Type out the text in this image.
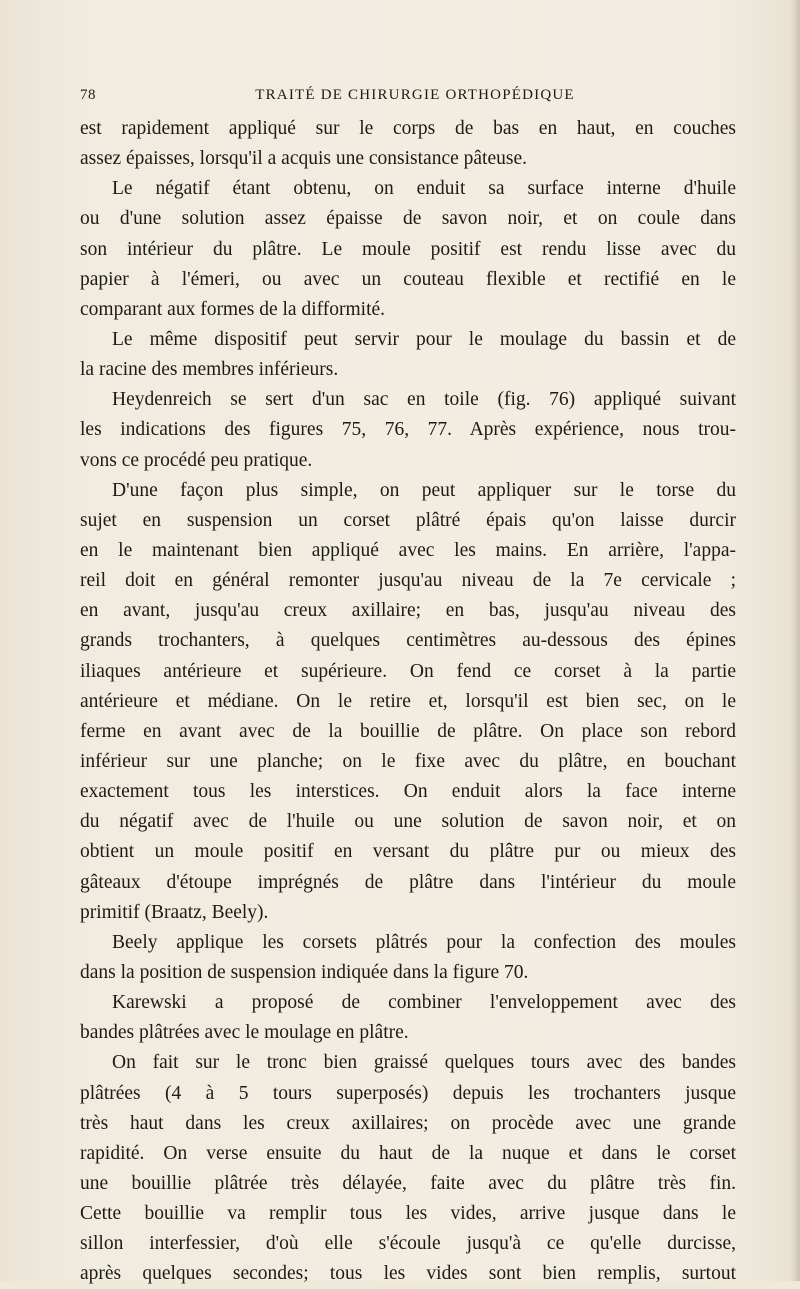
78	TRAITÉ DE CHIRURGIE ORTHOPÉDIQUE
est rapidement appliqué sur le corps de bas en haut, en couches
assez épaisses, lorsqu'il a acquis une consistance pâteuse.
Le négatif étant obtenu, on enduit sa surface interne d'huile
ou d'une solution assez épaisse de savon noir, et on coule dans
son intérieur du plâtre. Le moule positif est rendu lisse avec du
papier à l'émeri, ou avec un couteau flexible et rectifié en le
comparant aux formes de la difformité.
Le même dispositif peut servir pour le moulage du bassin et de
la racine des membres inférieurs.
Heydenreich se sert d'un sac en toile (fig. 76) appliqué suivant
les indications des figures 75, 76, 77. Après expérience, nous trou-
vons ce procédé peu pratique.
D'une façon plus simple, on peut appliquer sur le torse du
sujet en suspension un corset plâtré épais qu'on laisse durcir
en le maintenant bien appliqué avec les mains. En arrière, l'appa-
reil doit en général remonter jusqu'au niveau de la 7e cervicale ;
en avant, jusqu'au creux axillaire; en bas, jusqu'au niveau des
grands trochanters, à quelques centimètres au-dessous des épines
iliaques antérieure et supérieure. On fend ce corset à la partie
antérieure et médiane. On le retire et, lorsqu'il est bien sec, on le
ferme en avant avec de la bouillie de plâtre. On place son rebord
inférieur sur une planche; on le fixe avec du plâtre, en bouchant
exactement tous les interstices. On enduit alors la face interne
du négatif avec de l'huile ou une solution de savon noir, et on
obtient un moule positif en versant du plâtre pur ou mieux des
gâteaux d'étoupe imprégnés de plâtre dans l'intérieur du moule
primitif (Braatz, Beely).
Beely applique les corsets plâtrés pour la confection des moules
dans la position de suspension indiquée dans la figure 70.
Karewski a proposé de combiner l'enveloppement avec des
bandes plâtrées avec le moulage en plâtre.
On fait sur le tronc bien graissé quelques tours avec des bandes
plâtrées (4 à 5 tours superposés) depuis les trochanters jusque
très haut dans les creux axillaires; on procède avec une grande
rapidité. On verse ensuite du haut de la nuque et dans le corset
une bouillie plâtrée très délayée, faite avec du plâtre très fin.
Cette bouillie va remplir tous les vides, arrive jusque dans le
sillon interfessier, d'où elle s'écoule jusqu'à ce qu'elle durcisse,
après quelques secondes; tous les vides sont bien remplis, surtout
